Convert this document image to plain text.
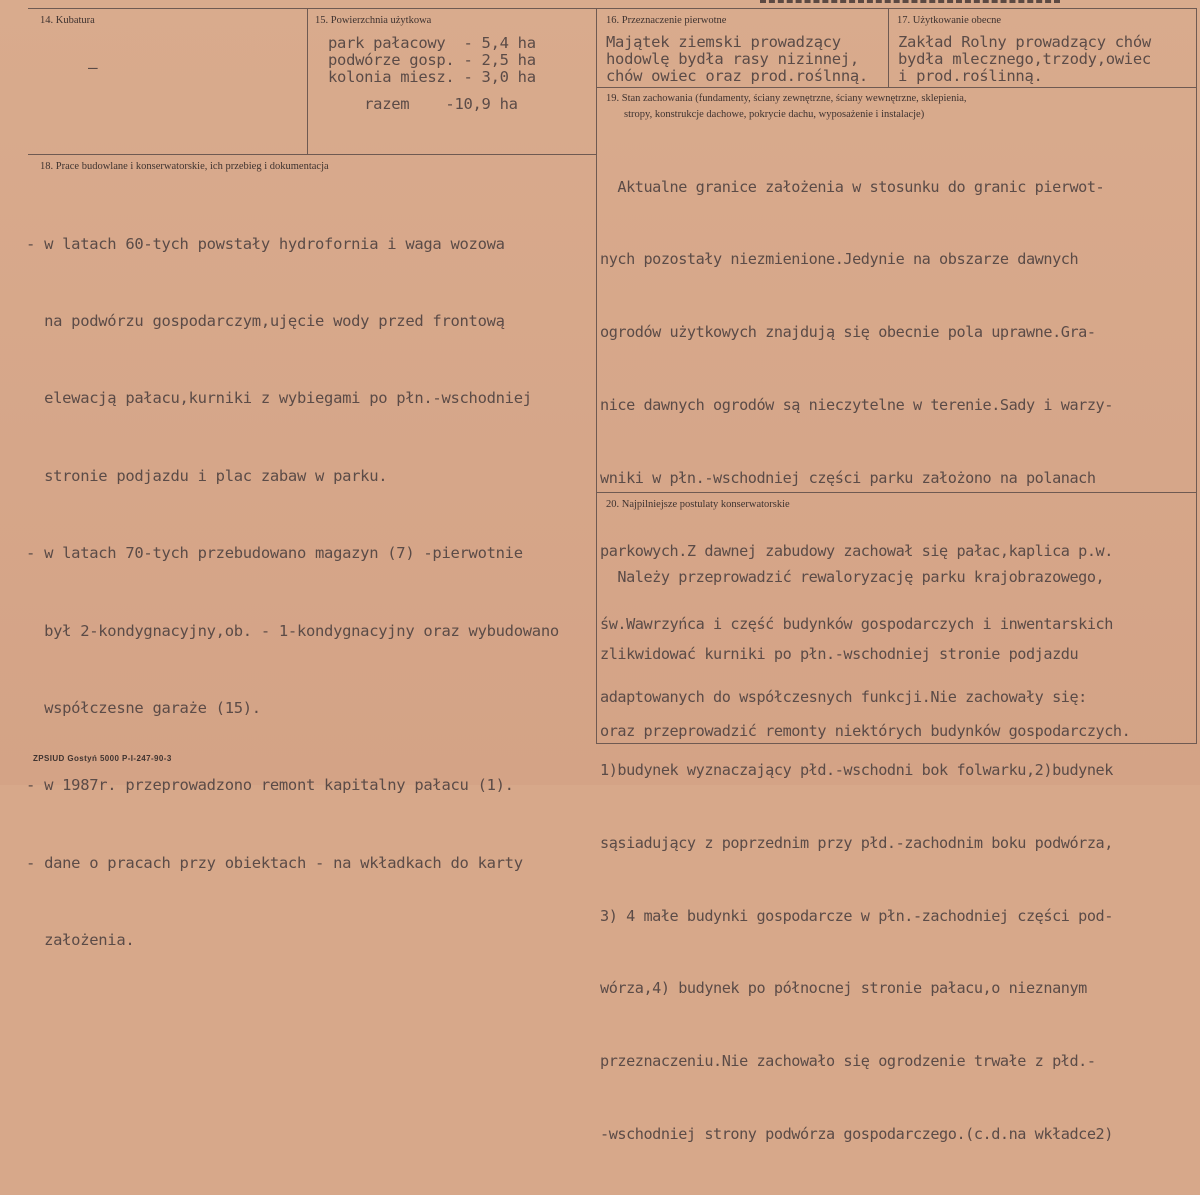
14. Kubatura
—
15. Powierzchnia użytkowa
park pałacowy  - 5,4 ha
podwórze gosp. - 2,5 ha
kolonia miesz. - 3,0 ha
razem    -10,9 ha
16. Przeznaczenie pierwotne
Majątek ziemski prowadzący
hodowlę bydła rasy nizinnej,
chów owiec oraz prod.roślnną.
17. Użytkowanie obecne
Zakład Rolny prowadzący chów
bydła mlecznego,trzody,owiec
i prod.roślinną.
18. Prace budowlane i konserwatorskie, ich przebieg i dokumentacja

- w latach 60-tych powstały hydrofornia i waga wozowa

na podwórzu gospodarczym,ujęcie wody przed frontową

elewacją pałacu,kurniki z wybiegami po płn.-wschodniej

stronie podjazdu i plac zabaw w parku.

- w latach 70-tych przebudowano magazyn (7) -pierwotnie

był 2-kondygnacyjny,ob. - 1-kondygnacyjny oraz wybudowano

współczesne garaże (15).

- w 1987r. przeprowadzono remont kapitalny pałacu (1).

- dane o pracach przy obiektach - na wkładkach do karty

założenia.

19. Stan zachowania (fundamenty, ściany zewnętrzne, ściany wewnętrzne, sklepienia,
stropy, konstrukcje dachowe, pokrycie dachu, wyposażenie i instalacje)

Aktualne granice założenia w stosunku do granic pierwot-

nych pozostały niezmienione.Jedynie na obszarze dawnych

ogrodów użytkowych znajdują się obecnie pola uprawne.Gra-

nice dawnych ogrodów są nieczytelne w terenie.Sady i warzy-

wniki w płn.-wschodniej części parku założono na polanach

parkowych.Z dawnej zabudowy zachował się pałac,kaplica p.w.

św.Wawrzyńca i część budynków gospodarczych i inwentarskich

adaptowanych do współczesnych funkcji.Nie zachowały się:

1)budynek wyznaczający płd.-wschodni bok folwarku,2)budynek

sąsiadujący z poprzednim przy płd.-zachodnim boku podwórza,

3) 4 małe budynki gospodarcze w płn.-zachodniej części pod-

wórza,4) budynek po północnej stronie pałacu,o nieznanym

przeznaczeniu.Nie zachowało się ogrodzenie trwałe z płd.-

-wschodniej strony podwórza gospodarczego.(c.d.na wkładce2)

20. Najpilniejsze postulaty konserwatorskie

Należy przeprowadzić rewaloryzację parku krajobrazowego,

zlikwidować kurniki po płn.-wschodniej stronie podjazdu

oraz przeprowadzić remonty niektórych budynków gospodarczych.

ZPSIUD Gostyń 5000 P-I-247-90-3
